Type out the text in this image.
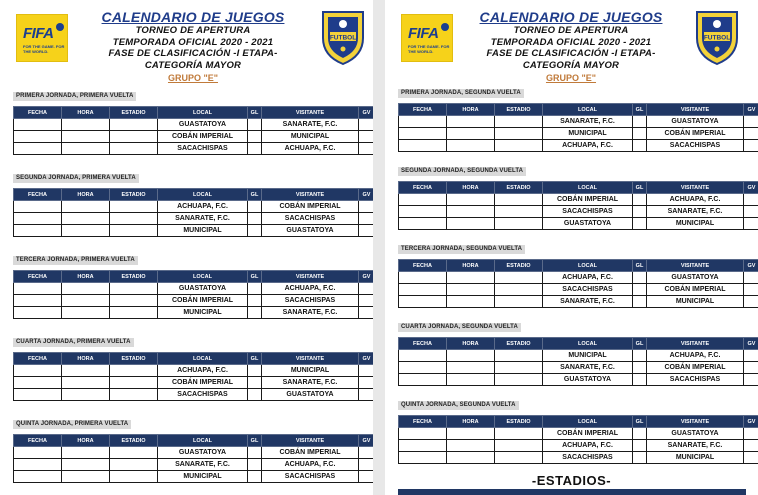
FIFA
FOR THE GAME. FOR THE WORLD.
CALENDARIO DE JUEGOS
TORNEO DE APERTURA
TEMPORADA OFICIAL 2020 - 2021
FASE DE CLASIFICACIÓN -I ETAPA-
CATEGORÍA MAYOR
GRUPO "E"
FUTBOL
PRIMERA JORNADA, PRIMERA VUELTA
FECHA	HORA	ESTADIO	LOCAL	GL	VISITANTE	GV
			GUASTATOYA		SANARATE, F.C.	
			COBÁN IMPERIAL		MUNICIPAL	
			SACACHISPAS		ACHUAPA, F.C.	
SEGUNDA JORNADA, PRIMERA VUELTA
FECHA	HORA	ESTADIO	LOCAL	GL	VISITANTE	GV
			ACHUAPA, F.C.		COBÁN IMPERIAL	
			SANARATE, F.C.		SACACHISPAS	
			MUNICIPAL		GUASTATOYA	
TERCERA JORNADA, PRIMERA VUELTA
FECHA	HORA	ESTADIO	LOCAL	GL	VISITANTE	GV
			GUASTATOYA		ACHUAPA, F.C.	
			COBÁN IMPERIAL		SACACHISPAS	
			MUNICIPAL		SANARATE, F.C.	
CUARTA JORNADA, PRIMERA VUELTA
FECHA	HORA	ESTADIO	LOCAL	GL	VISITANTE	GV
			ACHUAPA, F.C.		MUNICIPAL	
			COBÁN IMPERIAL		SANARATE, F.C.	
			SACACHISPAS		GUASTATOYA	
QUINTA JORNADA, PRIMERA VUELTA
FECHA	HORA	ESTADIO	LOCAL	GL	VISITANTE	GV
			GUASTATOYA		COBÁN IMPERIAL	
			SANARATE, F.C.		ACHUAPA, F.C.	
			MUNICIPAL		SACACHISPAS	
FIFA
FOR THE GAME. FOR THE WORLD.
CALENDARIO DE JUEGOS
TORNEO DE APERTURA
TEMPORADA OFICIAL 2020 - 2021
FASE DE CLASIFICACIÓN -I ETAPA-
CATEGORÍA MAYOR
GRUPO "E"
FUTBOL
PRIMERA JORNADA, SEGUNDA VUELTA
FECHA	HORA	ESTADIO	LOCAL	GL	VISITANTE	GV
			SANARATE, F.C.		GUASTATOYA	
			MUNICIPAL		COBÁN IMPERIAL	
			ACHUAPA, F.C.		SACACHISPAS	
SEGUNDA JORNADA, SEGUNDA VUELTA
FECHA	HORA	ESTADIO	LOCAL	GL	VISITANTE	GV
			COBÁN IMPERIAL		ACHUAPA, F.C.	
			SACACHISPAS		SANARATE, F.C.	
			GUASTATOYA		MUNICIPAL	
TERCERA JORNADA, SEGUNDA VUELTA
FECHA	HORA	ESTADIO	LOCAL	GL	VISITANTE	GV
			ACHUAPA, F.C.		GUASTATOYA	
			SACACHISPAS		COBÁN IMPERIAL	
			SANARATE, F.C.		MUNICIPAL	
CUARTA JORNADA, SEGUNDA VUELTA
FECHA	HORA	ESTADIO	LOCAL	GL	VISITANTE	GV
			MUNICIPAL		ACHUAPA, F.C.	
			SANARATE, F.C.		COBÁN IMPERIAL	
			GUASTATOYA		SACACHISPAS	
QUINTA JORNADA, SEGUNDA VUELTA
FECHA	HORA	ESTADIO	LOCAL	GL	VISITANTE	GV
			COBÁN IMPERIAL		GUASTATOYA	
			ACHUAPA, F.C.		SANARATE, F.C.	
			SACACHISPAS		MUNICIPAL	
-ESTADIOS-
